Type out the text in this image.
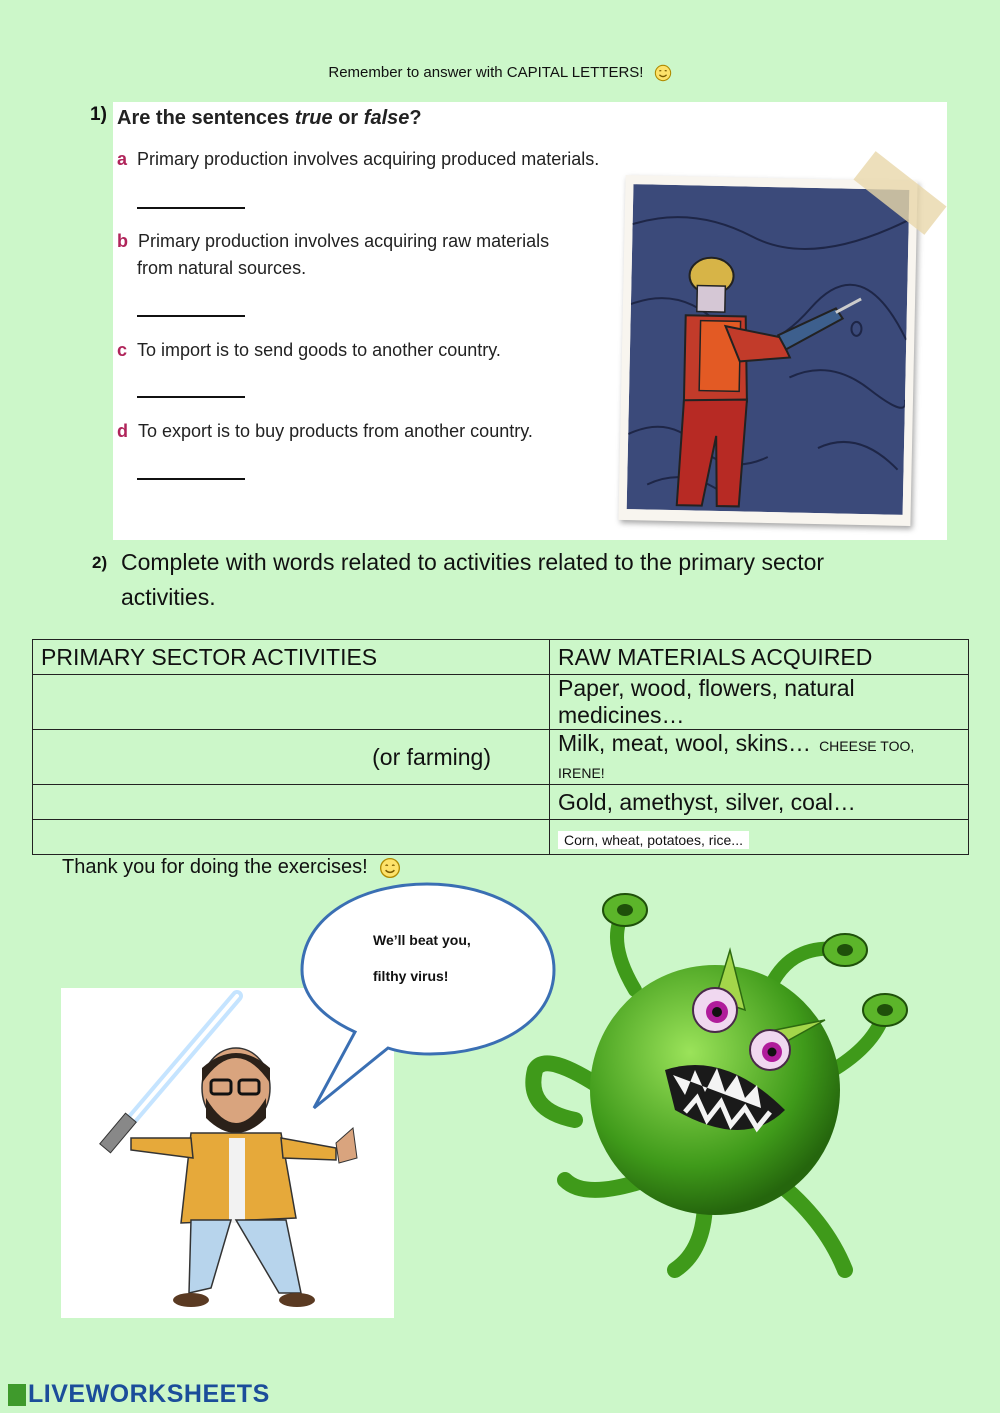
Remember to answer with CAPITAL LETTERS!
1) Are the sentences true or false?
a Primary production involves acquiring produced materials.
b Primary production involves acquiring raw materials
from natural sources.
c To import is to send goods to another country.
d To export is to buy products from another country.
2) Complete with words related to activities related to the primary sector
activities.
PRIMARY SECTOR ACTIVITIES	RAW MATERIALS ACQUIRED
	Paper, wood, flowers, natural medicines…
(or farming)	Milk, meat, wool, skins… CHEESE TOO, IRENE!
	Gold, amethyst, silver, coal…
	Corn, wheat, potatoes, rice...
Thank you for doing the exercises!
We’ll beat you,
filthy virus!
LIVEWORKSHEETS
